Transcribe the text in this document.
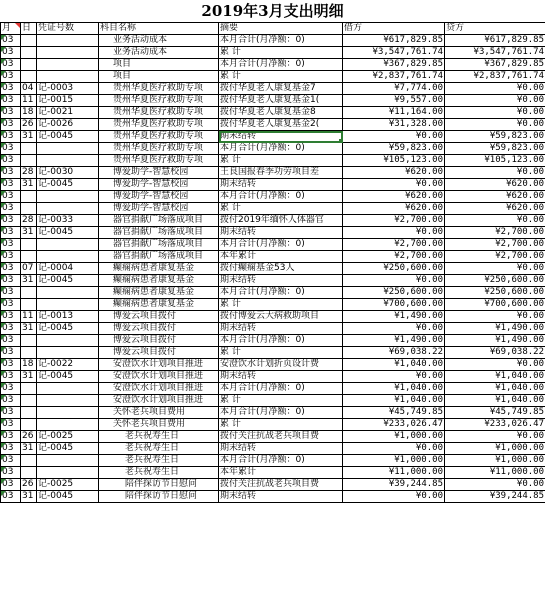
2019年3月支出明细
月	日	凭证号数	科目名称	摘要	借方	贷方
03			业务活动成本	本月合计(月净额：0)	¥617,829.85	¥617,829.85
03			业务活动成本	累 计	¥3,547,761.74	¥3,547,761.74
03			项目	本月合计(月净额：0)	¥367,829.85	¥367,829.85
03			项目	累 计	¥2,837,761.74	¥2,837,761.74
03	04	记-0003	贵州华夏医疗救助专项	拨付华夏老人康复基金7	¥7,774.00	¥0.00
03	11	记-0015	贵州华夏医疗救助专项	拨付华夏老人康复基金1(	¥9,557.00	¥0.00
03	18	记-0021	贵州华夏医疗救助专项	拨付华夏老人康复基金8	¥11,164.00	¥0.00
03	26	记-0026	贵州华夏医疗救助专项	拨付华夏老人康复基金2(	¥31,328.00	¥0.00
03	31	记-0045	贵州华夏医疗救助专项	期末结转	¥0.00	¥59,823.00
03			贵州华夏医疗救助专项	本月合计(月净额：0)	¥59,823.00	¥59,823.00
03			贵州华夏医疗救助专项	累 计	¥105,123.00	¥105,123.00
03	28	记-0030	博爱助学-智慧校园	王良国报春季功劳项目差	¥620.00	¥0.00
03	31	记-0045	博爱助学-智慧校园	期末结转	¥0.00	¥620.00
03			博爱助学-智慧校园	本月合计(月净额：0)	¥620.00	¥620.00
03			博爱助学-智慧校园	累 计	¥620.00	¥620.00
03	28	记-0033	器官捐献广场落成项目	拨付2019年缅怀人体器官	¥2,700.00	¥0.00
03	31	记-0045	器官捐献广场落成项目	期末结转	¥0.00	¥2,700.00
03			器官捐献广场落成项目	本月合计(月净额：0)	¥2,700.00	¥2,700.00
03			器官捐献广场落成项目	本年累计	¥2,700.00	¥2,700.00
03	07	记-0004	癫痫病患者康复基金	拨付癫痫基金53人	¥250,600.00	¥0.00
03	31	记-0045	癫痫病患者康复基金	期末结转	¥0.00	¥250,600.00
03			癫痫病患者康复基金	本月合计(月净额：0)	¥250,600.00	¥250,600.00
03			癫痫病患者康复基金	累 计	¥700,600.00	¥700,600.00
03	11	记-0013	博爱云项目拨付	拨付博爱云大病救助项目	¥1,490.00	¥0.00
03	31	记-0045	博爱云项目拨付	期末结转	¥0.00	¥1,490.00
03			博爱云项目拨付	本月合计(月净额：0)	¥1,490.00	¥1,490.00
03			博爱云项目拨付	累 计	¥69,038.22	¥69,038.22
03	18	记-0022	安澄饮水计划项目推进	安澄饮水计划折页设计费	¥1,040.00	¥0.00
03	31	记-0045	安澄饮水计划项目推进	期末结转	¥0.00	¥1,040.00
03			安澄饮水计划项目推进	本月合计(月净额：0)	¥1,040.00	¥1,040.00
03			安澄饮水计划项目推进	累 计	¥1,040.00	¥1,040.00
03			关怀老兵项目费用	本月合计(月净额：0)	¥45,749.85	¥45,749.85
03			关怀老兵项目费用	累 计	¥233,026.47	¥233,026.47
03	26	记-0025	老兵祝寿生日	拨付关注抗战老兵项目费	¥1,000.00	¥0.00
03	31	记-0045	老兵祝寿生日	期末结转	¥0.00	¥1,000.00
03			老兵祝寿生日	本月合计(月净额：0)	¥1,000.00	¥1,000.00
03			老兵祝寿生日	本年累计	¥11,000.00	¥11,000.00
03	26	记-0025	陪伴探访节日慰问	拨付关注抗战老兵项目费	¥39,244.85	¥0.00
03	31	记-0045	陪伴探访节日慰问	期末结转	¥0.00	¥39,244.85
